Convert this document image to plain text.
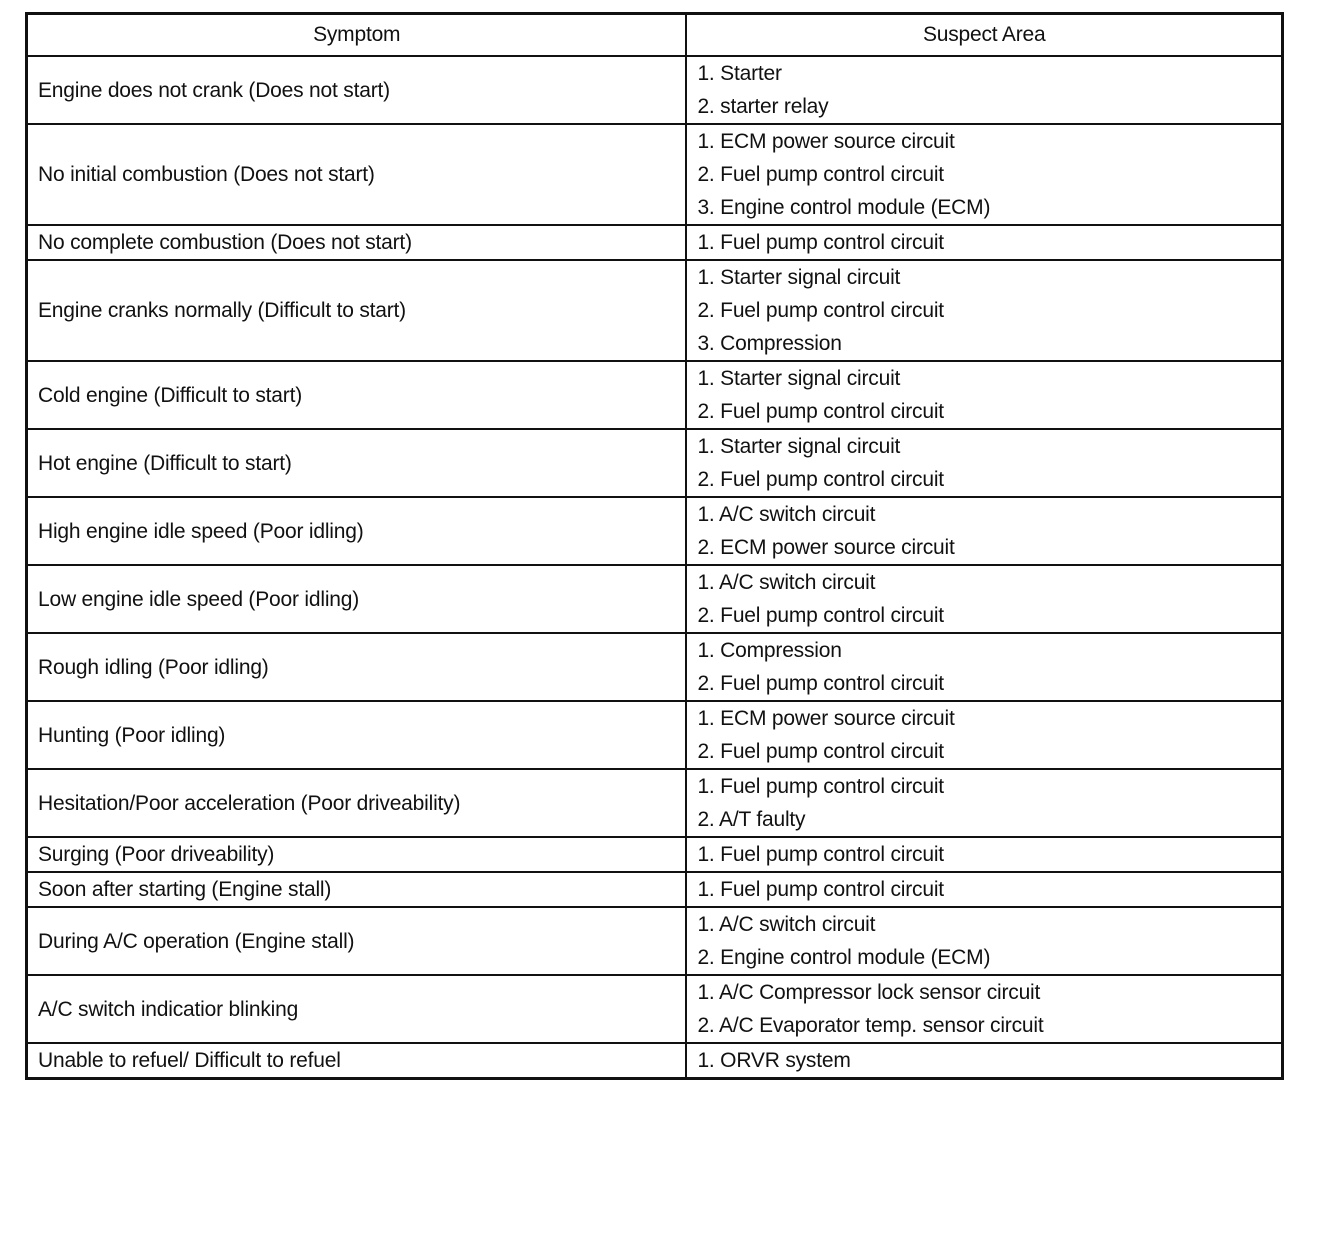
Symptom	Suspect Area
Engine does not crank (Does not start)	1. Starter
2. starter relay

No initial combustion (Does not start)	1. ECM power source circuit
2. Fuel pump control circuit
3. Engine control module (ECM)

No complete combustion (Does not start)	1. Fuel pump control circuit

Engine cranks normally (Difficult to start)	1. Starter signal circuit
2. Fuel pump control circuit
3. Compression

Cold engine (Difficult to start)	1. Starter signal circuit
2. Fuel pump control circuit

Hot engine (Difficult to start)	1. Starter signal circuit
2. Fuel pump control circuit

High engine idle speed (Poor idling)	1. A/C switch circuit
2. ECM power source circuit

Low engine idle speed (Poor idling)	1. A/C switch circuit
2. Fuel pump control circuit

Rough idling (Poor idling)	1. Compression
2. Fuel pump control circuit

Hunting (Poor idling)	1. ECM power source circuit
2. Fuel pump control circuit

Hesitation/Poor acceleration (Poor driveability)	1. Fuel pump control circuit
2. A/T faulty

Surging (Poor driveability)	1. Fuel pump control circuit

Soon after starting (Engine stall)	1. Fuel pump control circuit

During A/C operation (Engine stall)	1. A/C switch circuit
2. Engine control module (ECM)

A/C switch indicatior blinking	1. A/C Compressor lock sensor circuit
2. A/C Evaporator temp. sensor circuit

Unable to refuel/ Difficult to refuel	1. ORVR system
